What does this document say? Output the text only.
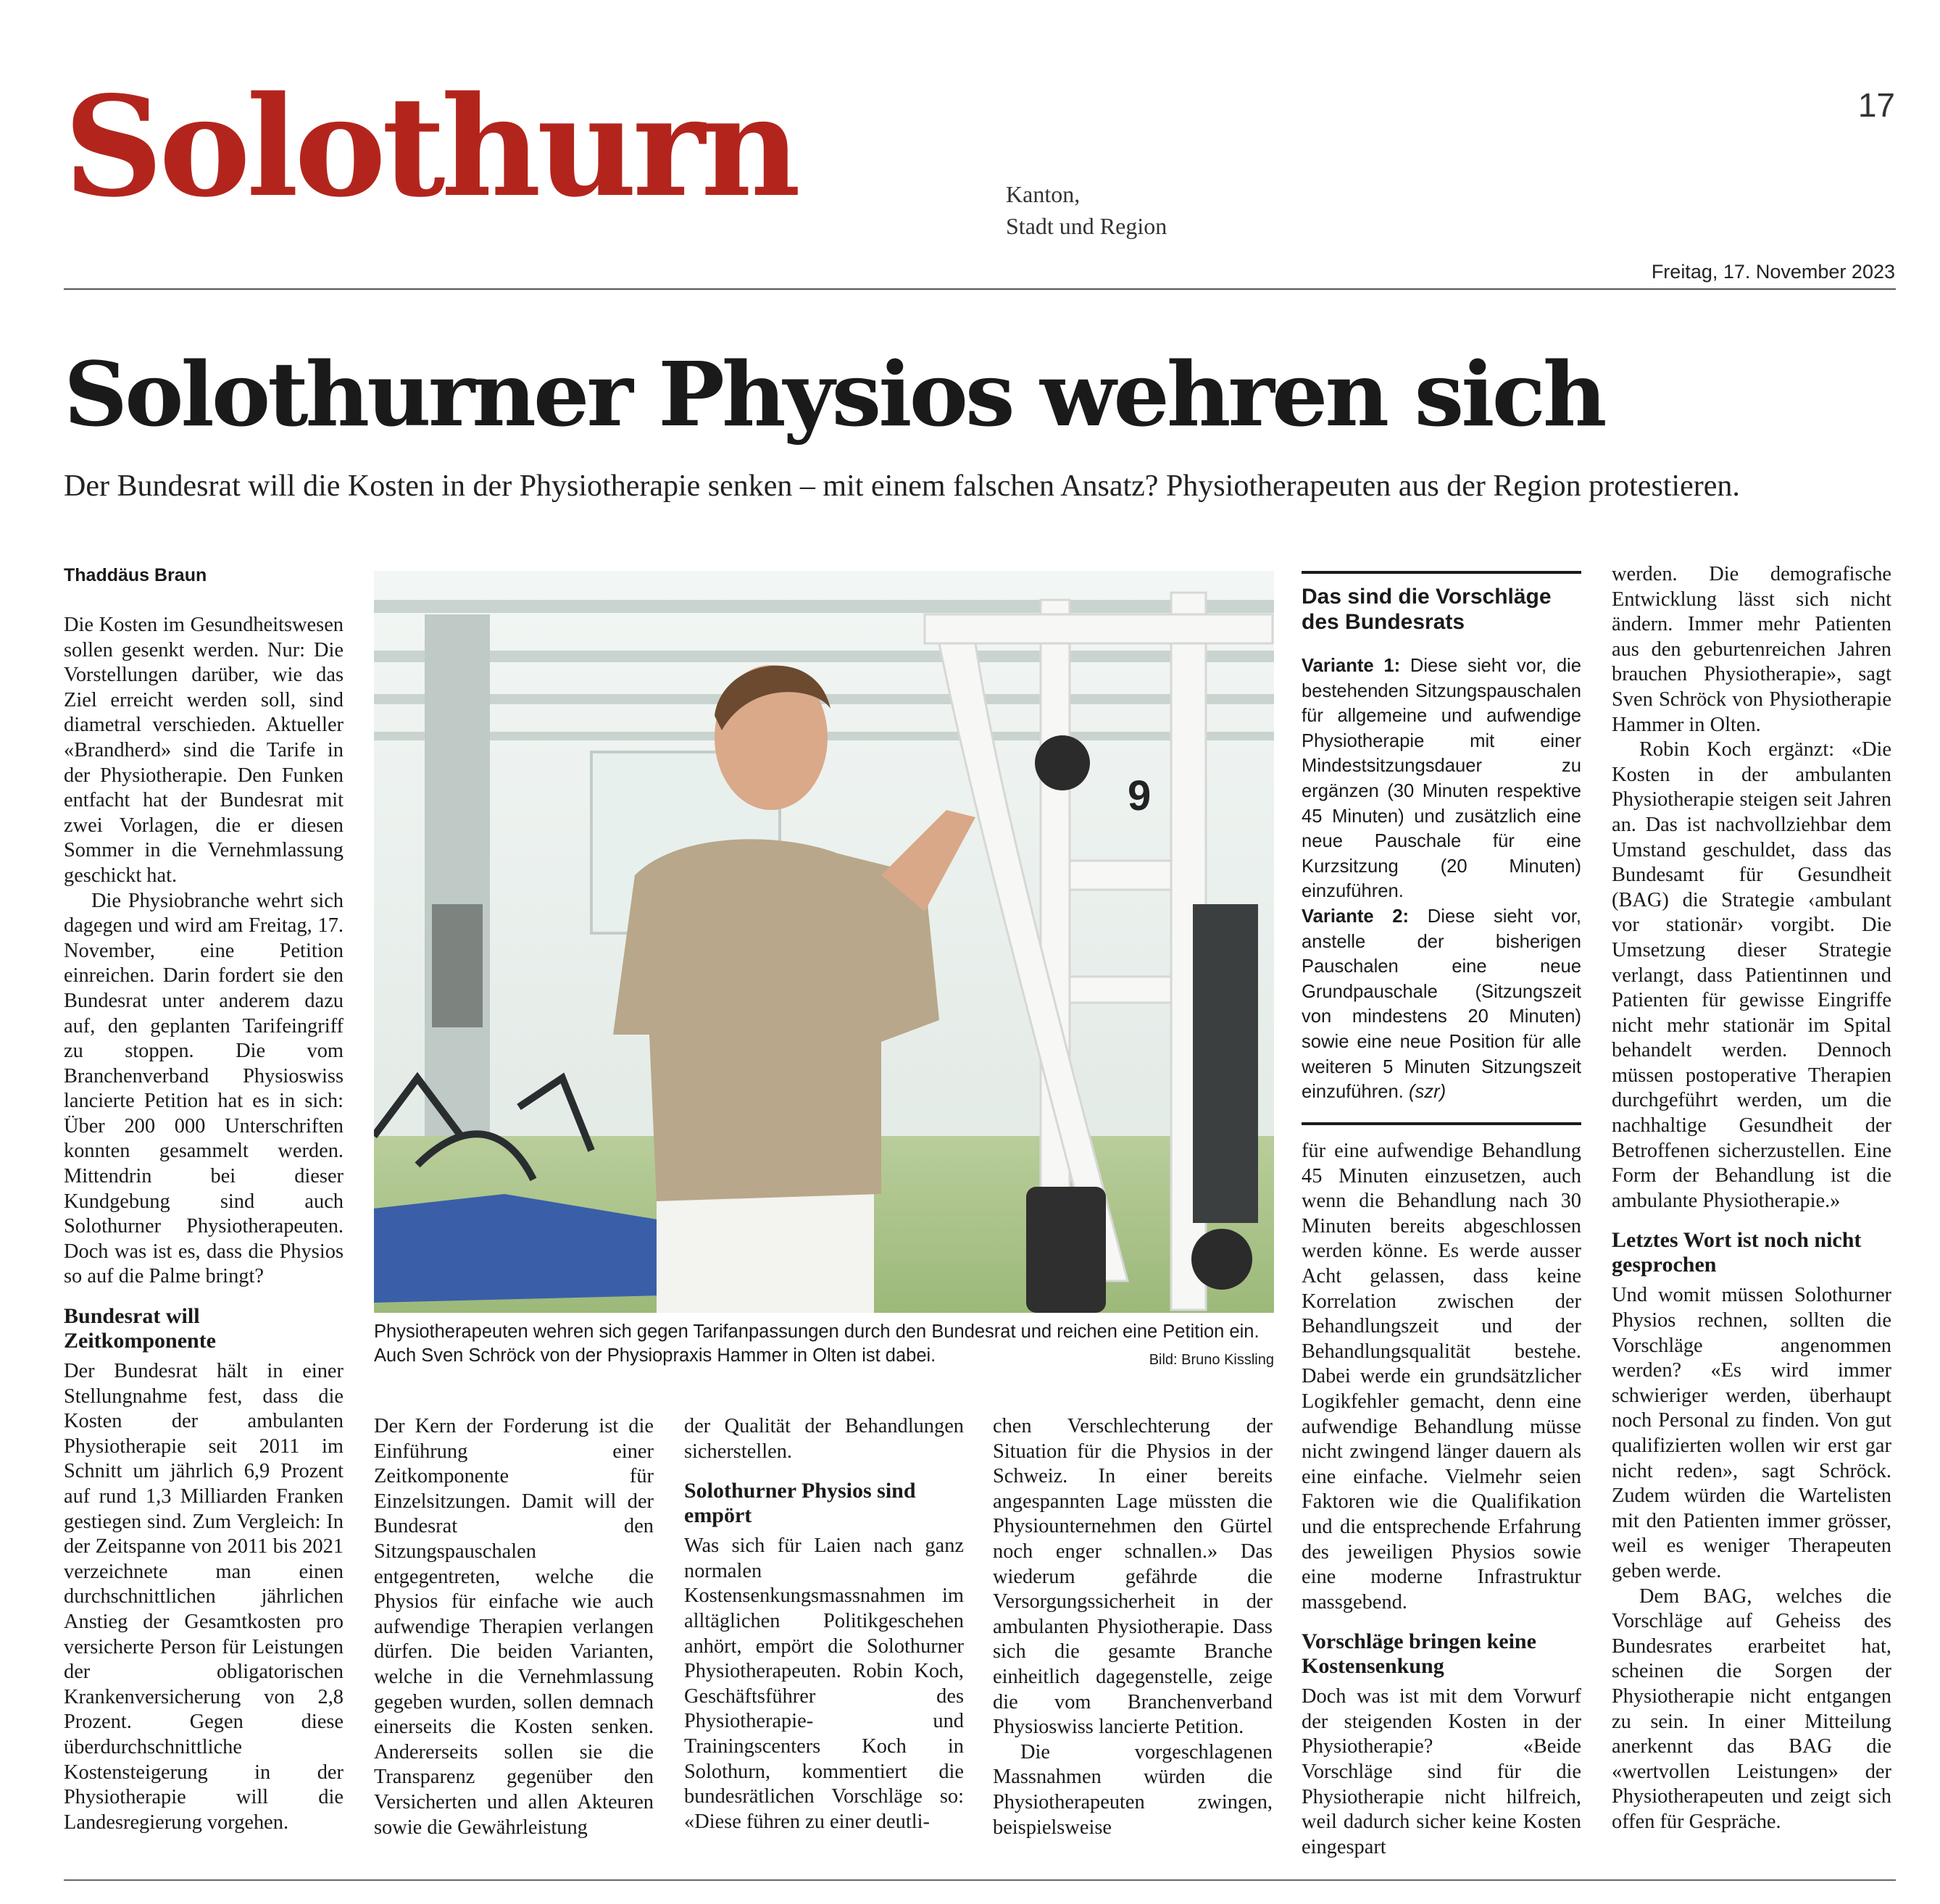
Solothurn	Kanton,
Stadt und Region
17
Freitag, 17. November 2023
Solothurner Physios wehren sich
Der Bundesrat will die Kosten in der Physiotherapie senken – mit einem falschen Ansatz? Physiotherapeuten aus der Region protestieren.
Thaddäus Braun

Die Kosten im Gesundheitswesen sollen gesenkt werden. Nur: Die Vorstellungen darüber, wie das Ziel erreicht werden soll, sind diametral verschieden. Aktueller «Brandherd» sind die Tarife in der Physiotherapie. Den Funken entfacht hat der Bundesrat mit zwei Vorlagen, die er diesen Sommer in die Vernehmlassung geschickt hat.

Die Physiobranche wehrt sich dagegen und wird am Freitag, 17. November, eine Petition einreichen. Darin fordert sie den Bundesrat unter anderem dazu auf, den geplanten Tarifeingriff zu stoppen. Die vom Branchenverband Physioswiss lancierte Petition hat es in sich: Über 200 000 Unterschriften konnten gesammelt werden. Mittendrin bei dieser Kundgebung sind auch Solothurner Physiotherapeuten. Doch was ist es, dass die Physios so auf die Palme bringt?

Bundesrat will Zeitkomponente

Der Bundesrat hält in einer Stellungnahme fest, dass die Kosten der ambulanten Physiotherapie seit 2011 im Schnitt um jährlich 6,9 Prozent auf rund 1,3 Milliarden Franken gestiegen sind. Zum Vergleich: In der Zeitspanne von 2011 bis 2021 verzeichnete man einen durchschnittlichen jährlichen Anstieg der Gesamtkosten pro versicherte Person für Leistungen der obligatorischen Krankenversicherung von 2,8 Prozent. Gegen diese überdurchschnittliche Kostensteigerung in der Physiotherapie will die Landesregierung vorgehen.

9
Physiotherapeuten wehren sich gegen Tarifanpassungen durch den Bundesrat und reichen eine Petition ein. Auch Sven Schröck von der Physiopraxis Hammer in Olten ist dabei.	Bild: Bruno Kissling

Der Kern der Forderung ist die Einführung einer Zeitkomponente für Einzelsitzungen. Damit will der Bundesrat den Sitzungspauschalen entgegentreten, welche die Physios für einfache wie auch aufwendige Therapien verlangen dürfen. Die beiden Varianten, welche in die Vernehmlassung gegeben wurden, sollen demnach einerseits die Kosten senken. Andererseits sollen sie die Transparenz gegenüber den Versicherten und allen Akteuren sowie die Gewährleistung

der Qualität der Behandlungen sicherstellen.

Solothurner Physios sind empört

Was sich für Laien nach ganz normalen Kostensenkungsmassnahmen im alltäglichen Politikgeschehen anhört, empört die Solothurner Physiotherapeuten. Robin Koch, Geschäftsführer des Physiotherapie- und Trainingscenters Koch in Solothurn, kommentiert die bundesrätlichen Vorschläge so: «Diese führen zu einer deutli-

chen Verschlechterung der Situation für die Physios in der Schweiz. In einer bereits angespannten Lage müssten die Physiounternehmen den Gürtel noch enger schnallen.» Das wiederum gefährde die Versorgungssicherheit in der ambulanten Physiotherapie. Dass sich die gesamte Branche einheitlich dagegenstelle, zeige die vom Branchenverband Physioswiss lancierte Petition.

Die vorgeschlagenen Massnahmen würden die Physiotherapeuten zwingen, beispielsweise

Das sind die Vorschläge des Bundesrats

Variante 1: Diese sieht vor, die bestehenden Sitzungspauschalen für allgemeine und aufwendige Physiotherapie mit einer Mindestsitzungsdauer zu ergänzen (30 Minuten respektive 45 Minuten) und zusätzlich eine neue Pauschale für eine Kurzsitzung (20 Minuten) einzuführen.

Variante 2: Diese sieht vor, anstelle der bisherigen Pauschalen eine neue Grundpauschale (Sitzungszeit von mindestens 20 Minuten) sowie eine neue Position für alle weiteren 5 Minuten Sitzungszeit einzuführen. (szr)

für eine aufwendige Behandlung 45 Minuten einzusetzen, auch wenn die Behandlung nach 30 Minuten bereits abgeschlossen werden könne. Es werde ausser Acht gelassen, dass keine Korrelation zwischen der Behandlungszeit und der Behandlungsqualität bestehe. Dabei werde ein grundsätzlicher Logikfehler gemacht, denn eine aufwendige Behandlung müsse nicht zwingend länger dauern als eine einfache. Vielmehr seien Faktoren wie die Qualifikation und die entsprechende Erfahrung des jeweiligen Physios sowie eine moderne Infrastruktur massgebend.

Vorschläge bringen keine Kostensenkung

Doch was ist mit dem Vorwurf der steigenden Kosten in der Physiotherapie? «Beide Vorschläge sind für die Physiotherapie nicht hilfreich, weil dadurch sicher keine Kosten eingespart

werden. Die demografische Entwicklung lässt sich nicht ändern. Immer mehr Patienten aus den geburtenreichen Jahren brauchen Physiotherapie», sagt Sven Schröck von Physiotherapie Hammer in Olten.

Robin Koch ergänzt: «Die Kosten in der ambulanten Physiotherapie steigen seit Jahren an. Das ist nachvollziehbar dem Umstand geschuldet, dass das Bundesamt für Gesundheit (BAG) die Strategie ‹ambulant vor stationär› vorgibt. Die Umsetzung dieser Strategie verlangt, dass Patientinnen und Patienten für gewisse Eingriffe nicht mehr stationär im Spital behandelt werden. Dennoch müssen postoperative Therapien durchgeführt werden, um die nachhaltige Gesundheit der Betroffenen sicherzustellen. Eine Form der Behandlung ist die ambulante Physiotherapie.»

Letztes Wort ist noch nicht gesprochen

Und womit müssen Solothurner Physios rechnen, sollten die Vorschläge angenommen werden? «Es wird immer schwieriger werden, überhaupt noch Personal zu finden. Von gut qualifizierten wollen wir erst gar nicht reden», sagt Schröck. Zudem würden die Wartelisten mit den Patienten immer grösser, weil es weniger Therapeuten geben werde.

Dem BAG, welches die Vorschläge auf Geheiss des Bundesrates erarbeitet hat, scheinen die Sorgen der Physiotherapie nicht entgangen zu sein. In einer Mitteilung anerkennt das BAG die «wertvollen Leistungen» der Physiotherapeuten und zeigt sich offen für Gespräche.
